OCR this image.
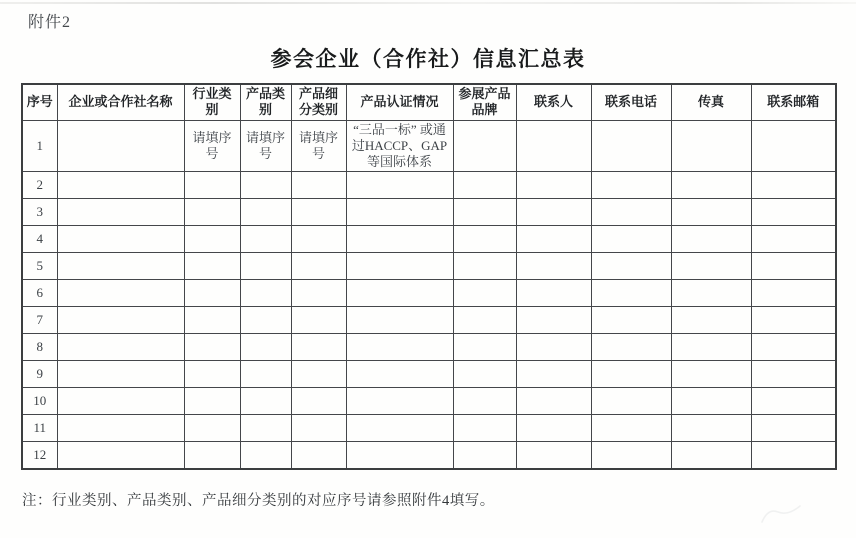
附件2
参会企业（合作社）信息汇总表
序号	企业或合作社名称	行业类别	产品类别	产品细分类别	产品认证情况	参展产品品牌	联系人	联系电话	传真	联系邮箱
1		请填序号	请填序号	请填序号	“三品一标” 或通过HACCP、GAP等国际体系					
2										
3										
4										
5										
6										
7										
8										
9										
10										
11										
12										
注：行业类别、产品类别、产品细分类别的对应序号请参照附件4填写。
